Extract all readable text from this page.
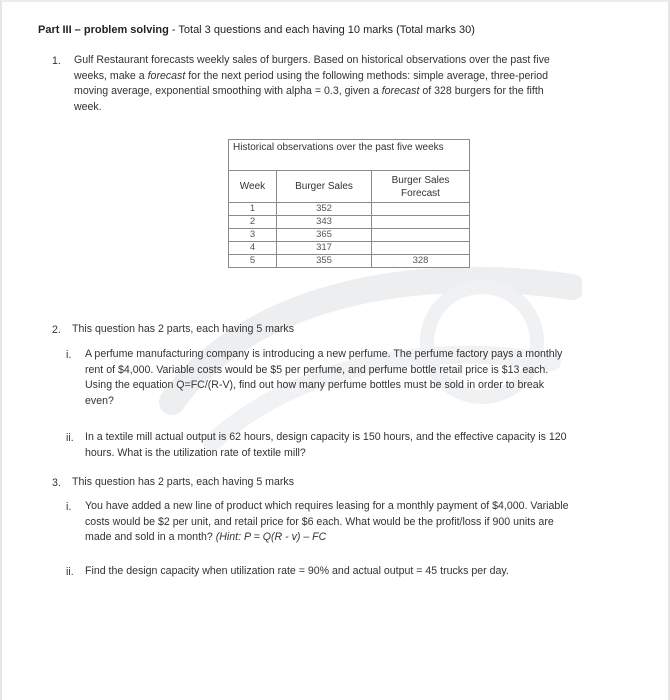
Part III – problem solving - Total 3 questions and each having 10 marks (Total marks 30)
1. Gulf Restaurant forecasts weekly sales of burgers. Based on historical observations over the past five
weeks, make a forecast for the next period using the following methods: simple average, three-period
moving average, exponential smoothing with alpha = 0.3, given a forecast of 328 burgers for the fifth
week.
Historical observations over the past five weeks		
Week	Burger Sales	Burger Sales Forecast
1	352	
2	343	
3	365	
4	317	
5	355	328
2. This question has 2 parts, each having 5 marks
i. A perfume manufacturing company is introducing a new perfume. The perfume factory pays a monthly
rent of $4,000. Variable costs would be $5 per perfume, and perfume bottle retail price is $13 each.
Using the equation Q=FC/(R-V), find out how many perfume bottles must be sold in order to break
even?
ii. In a textile mill actual output is 62 hours, design capacity is 150 hours, and the effective capacity is 120
hours. What is the utilization rate of textile mill?
3. This question has 2 parts, each having 5 marks
i. You have added a new line of product which requires leasing for a monthly payment of $4,000. Variable
costs would be $2 per unit, and retail price for $6 each. What would be the profit/loss if 900 units are
made and sold in a month? (Hint: P = Q(R - v) – FC
ii. Find the design capacity when utilization rate = 90% and actual output = 45 trucks per day.
